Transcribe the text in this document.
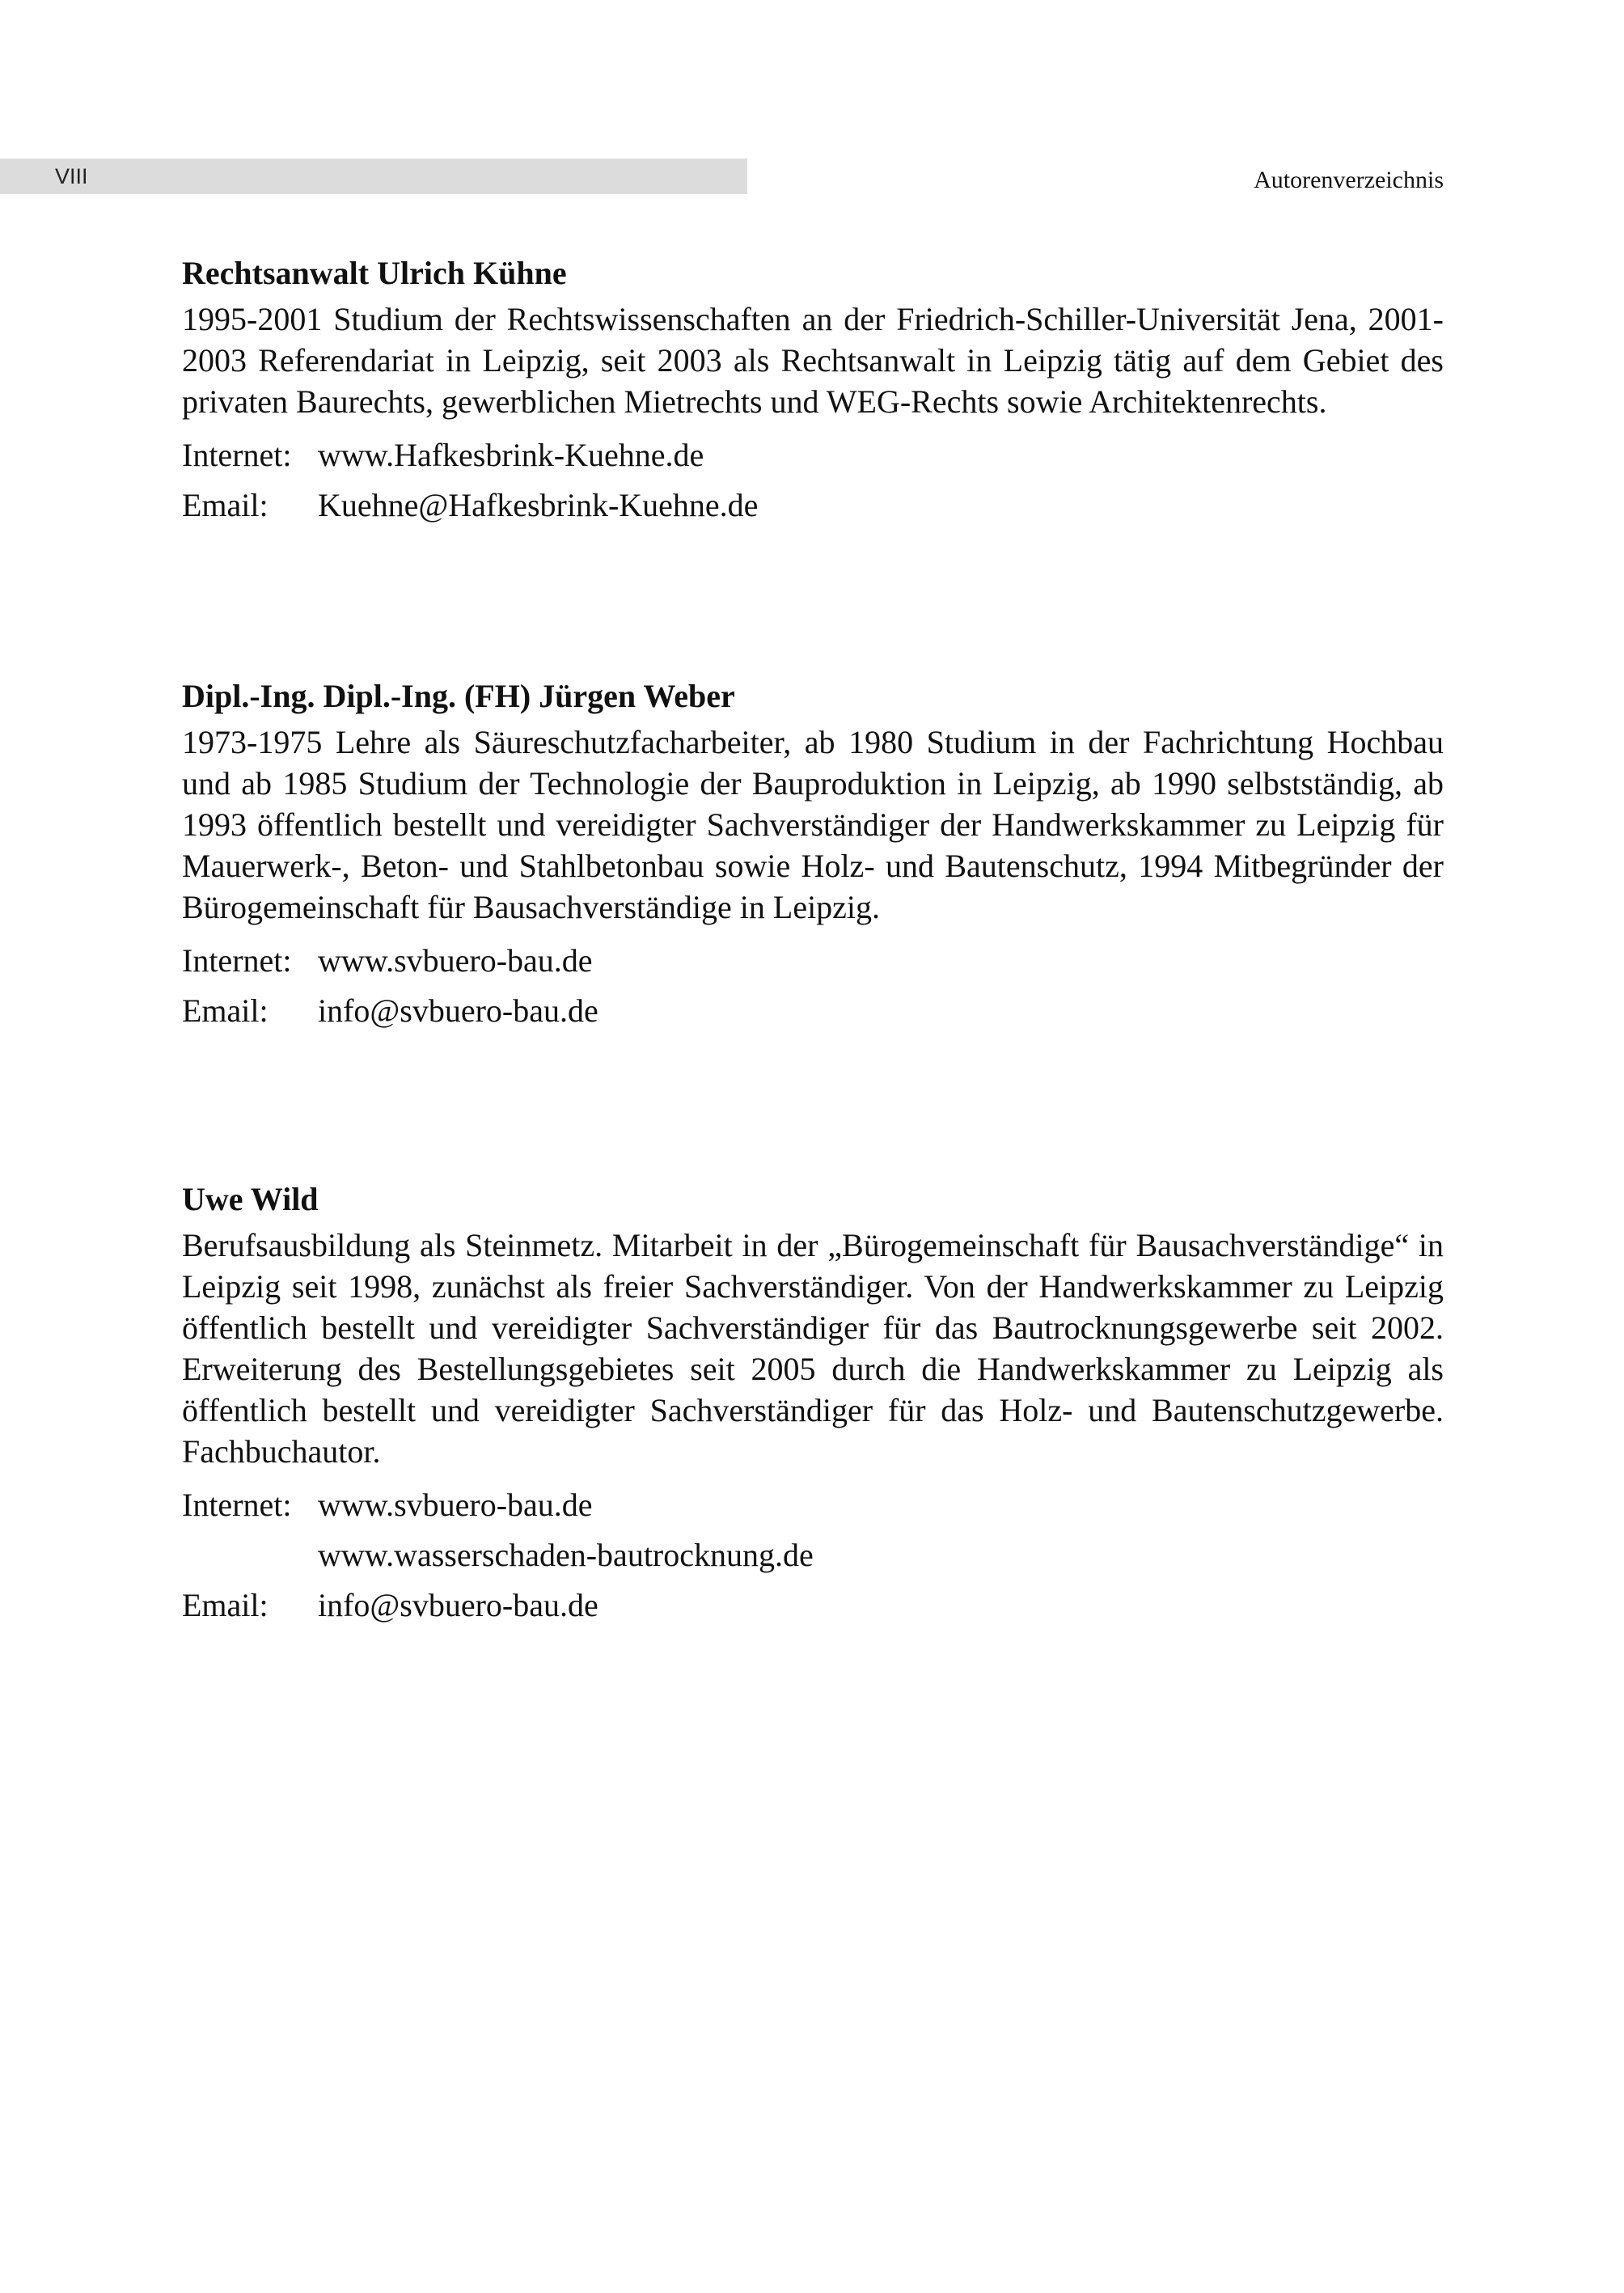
VIII	Autorenverzeichnis
Rechtsanwalt Ulrich Kühne

1995-2001 Studium der Rechtswissenschaften an der Friedrich-Schiller-Universität Jena, 2001-2003 Referendariat in Leipzig, seit 2003 als Rechtsanwalt in Leipzig tätig auf dem Gebiet des privaten Baurechts, gewerblichen Mietrechts und WEG-Rechts sowie Architektenrechts.

Internet: www.Hafkesbrink-Kuehne.de
Email:	Kuehne@Hafkesbrink-Kuehne.de
Dipl.-Ing. Dipl.-Ing. (FH) Jürgen Weber

1973-1975 Lehre als Säureschutzfacharbeiter, ab 1980 Studium in der Fachrichtung Hochbau und ab 1985 Studium der Technologie der Bauproduktion in Leipzig, ab 1990 selbstständig, ab 1993 öffentlich bestellt und vereidigter Sachverständiger der Handwerkskammer zu Leipzig für Mauerwerk-, Beton- und Stahlbetonbau sowie Holz- und Bautenschutz, 1994 Mitbegründer der Bürogemeinschaft für Bausachverständige in Leipzig.

Internet: www.svbuero-bau.de
Email:	info@svbuero-bau.de
Uwe Wild

Berufsausbildung als Steinmetz. Mitarbeit in der „Bürogemeinschaft für Bausachverständige“ in Leipzig seit 1998, zunächst als freier Sachverständiger. Von der Handwerkskammer zu Leipzig öffentlich bestellt und vereidigter Sachverständiger für das Bautrocknungsgewerbe seit 2002. Erweiterung des Bestellungsgebietes seit 2005 durch die Handwerkskammer zu Leipzig als öffentlich bestellt und vereidigter Sachverständiger für das Holz- und Bautenschutzgewerbe. Fachbuchautor.

Internet: www.svbuero-bau.de
www.wasserschaden-bautrocknung.de
Email:	info@svbuero-bau.de
